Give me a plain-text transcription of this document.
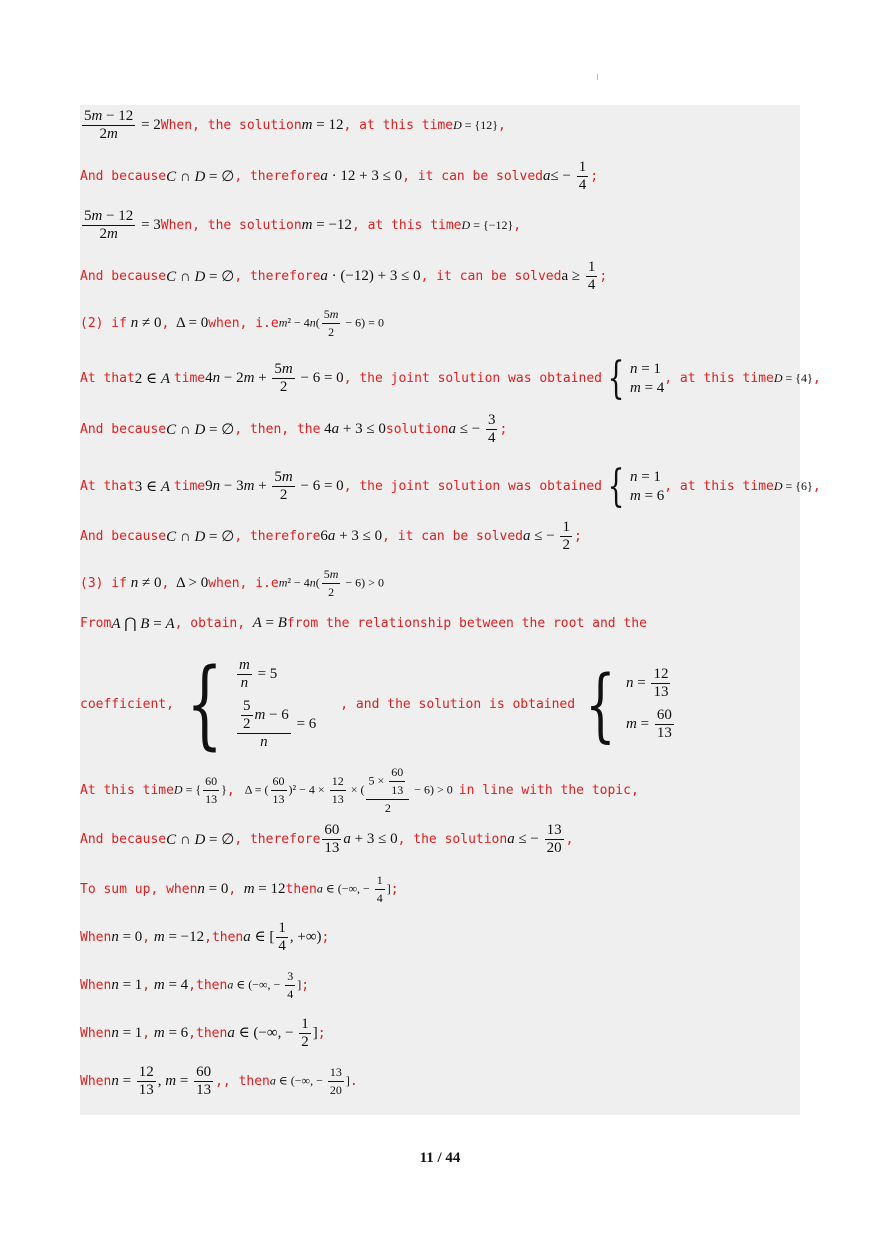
$\frac{5m - 12}{2m} = 2$ When, the solution m = 12 , at this time D = {12} ,
And because C ∩ D = ∅ , therefore a · 12 + 3 ≤ 0 , it can be solved $a\le - \frac{1}{4}$ ;
$\frac{5m - 12}{2m} = 3$ When, the solution m = −12 , at this time D = {−12} ,
And because C ∩ D = ∅ , therefore a · (−12) + 3 ≤ 0 , it can be solved $a \ge \frac{1}{4}$ ;
(2) if n ≠ 0 , Δ = 0 when, i.e $m^2 - 4n( \frac{5m}{2} - 6) = 0$
At that 2 ∈ A time $4n - 2m + \frac{5m}{2} - 6 = 0$ , the joint solution was obtained { n = 1
m = 4
, at this time D = {4} ,
And because C ∩ D = ∅ , then, the 4a + 3 ≤ 0 solution a ≤ − $\frac{3}{4}$ ;
At that 3 ∈ A time $9n - 3m + \frac{5m}{2} - 6 = 0$ , the joint solution was obtained { n = 1
m = 6
, at this time D = {6} ,
And because C ∩ D = ∅ , therefore 6a + 3 ≤ 0 , it can be solved a ≤ − $\frac{1}{2}$ ;
(3) if n ≠ 0 , Δ > 0 when, i.e $m^2 - 4n( \frac{5m}{2} - 6) > 0$
From A ⋂ B = A , obtain, A = B from the relationship between the root and the
coefficient, { $\frac{m}{n} = 5$
$\frac{\frac{5}{2} m - 6}{n} = 6$
, and the solution is obtained { $n = \frac{12}{13}$
$m = \frac{60}{13}$
At this time D = { $\frac{60}{13}$ } , Δ = ( $\frac{60}{13} )^2 - 4 \times \frac{12}{13}$ × ( $\frac{5 \times \frac{60}{13}}{2} - 6) > 0$ in line with the topic,
And because C ∩ D = ∅ , therefore $\frac{60}{13}$ a + 3 ≤ 0 , the solution a ≤ − $\frac{13}{20}$ ,
To sum up, when n = 0 , m = 12 then a ∈ (−∞, − $\frac{1}{4}$ ] ;
When n = 0 , m = −12 ,then a ∈ [ $\frac{1}{4}$ , +∞) ;
When n = 1 , m = 4 ,then a ∈ (−∞, − $\frac{3}{4}$ ] ;
When n = 1 , m = 6 ,then a ∈ (−∞, − $\frac{1}{2}$ ] ;
When $n = \frac{12}{13}$ , $m = \frac{60}{13}$ , , then a ∈ (−∞, − $\frac{13}{20}$ ] .
11 / 44
